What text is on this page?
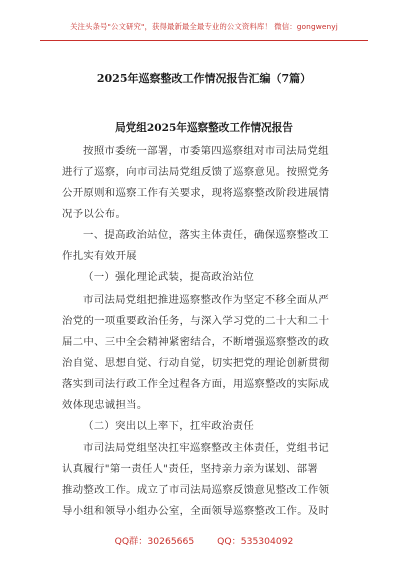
关注头条号"公文研究"，获得最新最全最专业的公文资料库！ 微信：gongwenyj
2025年巡察整改工作情况报告汇编（7篇）
局党组2025年巡察整改工作情况报告
按照市委统一部署，市委第四巡察组对市司法局党组
进行了巡察，向市司法局党组反馈了巡察意见。按照党务
公开原则和巡察工作有关要求，现将巡察整改阶段进展情
况予以公布。
一、提高政治站位，落实主体责任，确保巡察整改工
作扎实有效开展
（一）强化理论武装，提高政治站位
市司法局党组把推进巡察整改作为坚定不移全面从严
治党的一项重要政治任务，与深入学习党的二十大和二十
届二中、三中全会精神紧密结合，不断增强巡察整改的政
治自觉、思想自觉、行动自觉，切实把党的理论创新贯彻
落实到司法行政工作全过程各方面，用巡察整改的实际成
效体现忠诚担当。
（二）突出以上率下，扛牢政治责任
市司法局党组坚决扛牢巡察整改主体责任，党组书记
认真履行"第一责任人"责任，坚持亲力亲为谋划、部署
推动整改工作。成立了市司法局巡察反馈意见整改工作领
导小组和领导小组办公室，全面领导巡察整改工作。及时
QQ群：30265665 QQ：535304092
